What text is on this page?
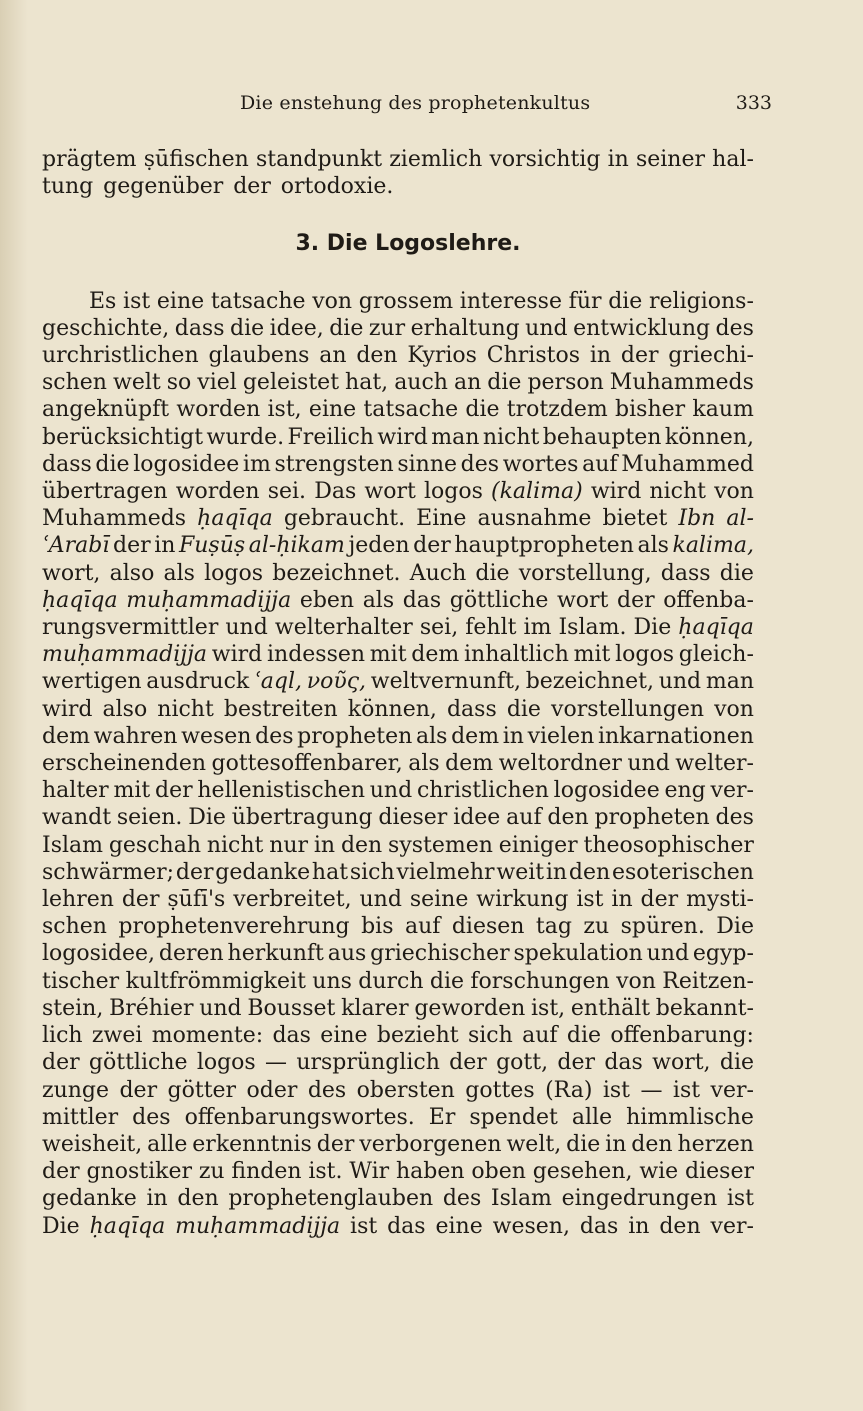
Die enstehung des prophetenkultus	333
prägtem ṣūfischen standpunkt ziemlich vorsichtig in seiner hal-
tung gegenüber der ortodoxie.
3. Die Logoslehre.
Es ist eine tatsache von grossem interesse für die religions-
geschichte, dass die idee, die zur erhaltung und entwicklung des
urchristlichen glaubens an den Kyrios Christos in der griechi-
schen welt so viel geleistet hat, auch an die person Muhammeds
angeknüpft worden ist, eine tatsache die trotzdem bisher kaum
berücksichtigt wurde. Freilich wird man nicht behaupten können,
dass die logosidee im strengsten sinne des wortes auf Muhammed
übertragen worden sei. Das wort logos (kalima) wird nicht von
Muhammeds ḥaqīqa gebraucht. Eine ausnahme bietet Ibn al-
ʿArabī der in Fuṣūṣ al-ḥikam jeden der hauptpropheten als kalima,
wort, also als logos bezeichnet. Auch die vorstellung, dass die
ḥaqīqa muḥammadijja eben als das göttliche wort der offenba-
rungsvermittler und welterhalter sei, fehlt im Islam. Die ḥaqīqa
muḥammadijja wird indessen mit dem inhaltlich mit logos gleich-
wertigen ausdruck ʿaql, νοῦς, weltvernunft, bezeichnet, und man
wird also nicht bestreiten können, dass die vorstellungen von
dem wahren wesen des propheten als dem in vielen inkarnationen
erscheinenden gottesoffenbarer, als dem weltordner und welter-
halter mit der hellenistischen und christlichen logosidee eng ver-
wandt seien. Die übertragung dieser idee auf den propheten des
Islam geschah nicht nur in den systemen einiger theosophischer
schwärmer; der gedanke hat sich vielmehr weit in den esoterischen
lehren der ṣūfī's verbreitet, und seine wirkung ist in der mysti-
schen prophetenverehrung bis auf diesen tag zu spüren. Die
logosidee, deren herkunft aus griechischer spekulation und egyp-
tischer kultfrömmigkeit uns durch die forschungen von Reitzen-
stein, Bréhier und Bousset klarer geworden ist, enthält bekannt-
lich zwei momente: das eine bezieht sich auf die offenbarung:
der göttliche logos — ursprünglich der gott, der das wort, die
zunge der götter oder des obersten gottes (Ra) ist — ist ver-
mittler des offenbarungswortes. Er spendet alle himmlische
weisheit, alle erkenntnis der verborgenen welt, die in den herzen
der gnostiker zu finden ist. Wir haben oben gesehen, wie dieser
gedanke in den prophetenglauben des Islam eingedrungen ist
Die ḥaqīqa muḥammadijja ist das eine wesen, das in den ver-
